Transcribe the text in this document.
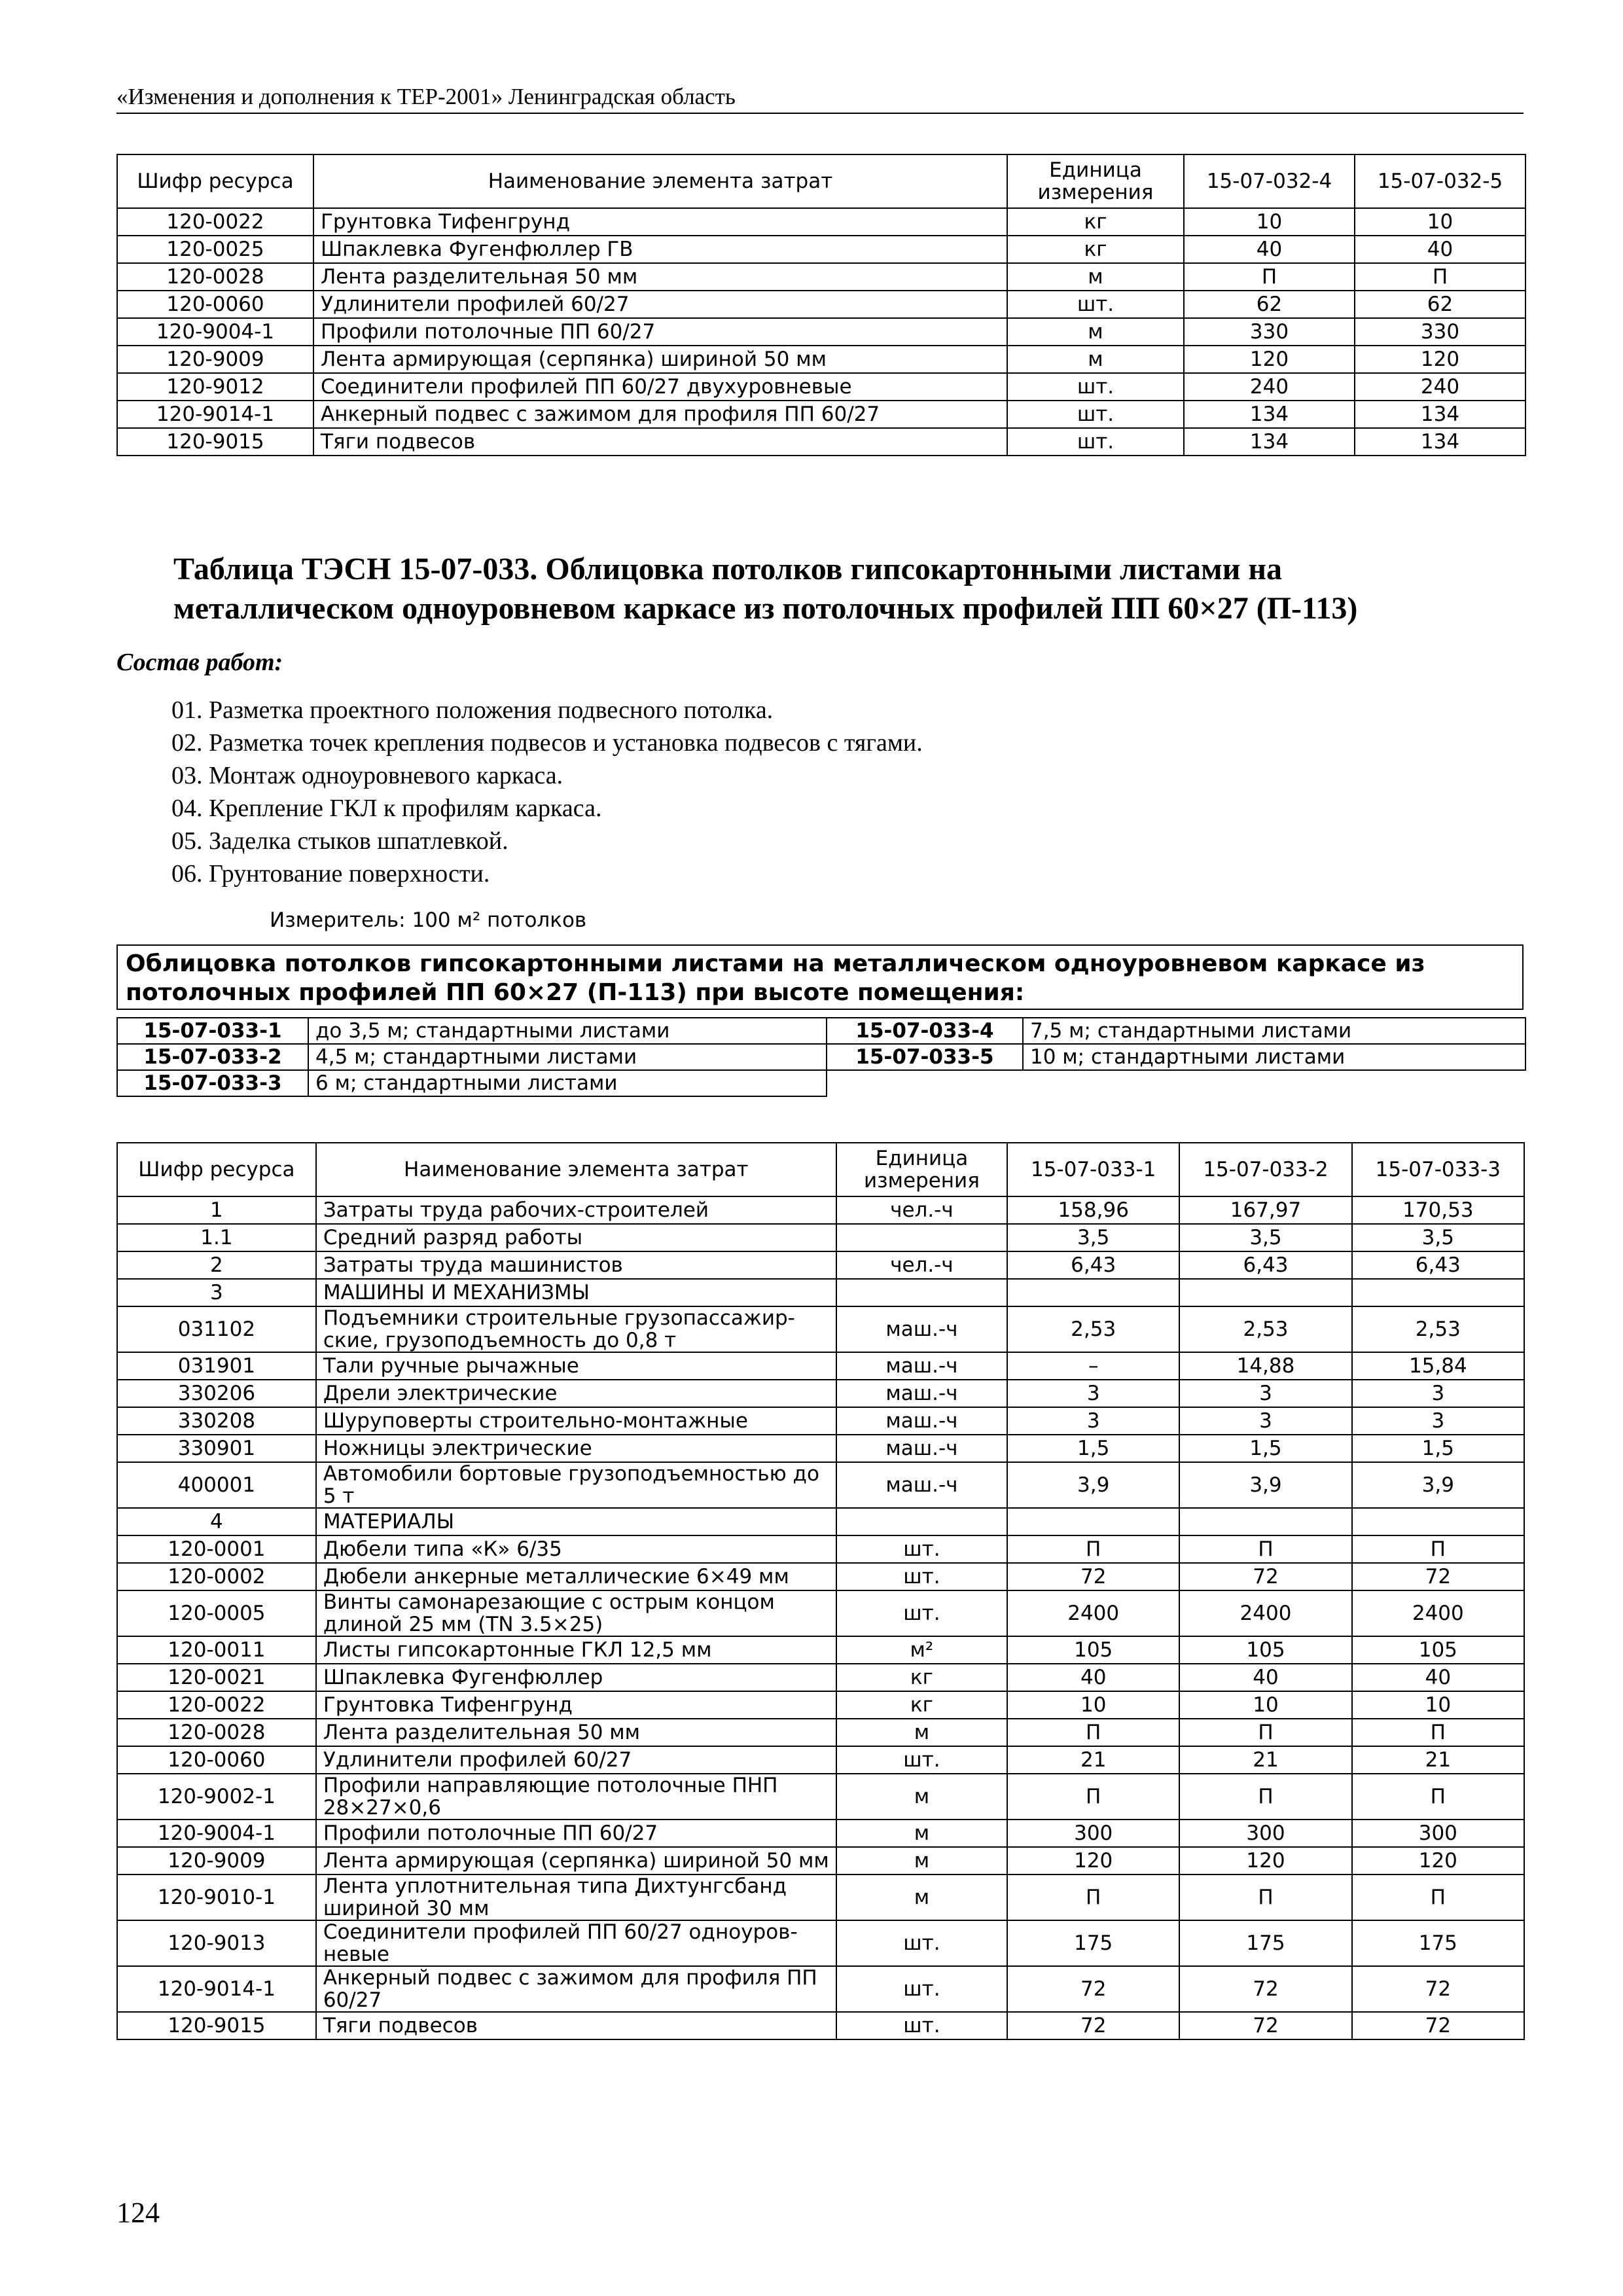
«Изменения и дополнения к ТЕР-2001» Ленинградская область
Шифр ресурса	Наименование элемента затрат	Единица измерения	15-07-032-4	15-07-032-5
120-0022	Грунтовка Тифенгрунд	кг	10	10
120-0025	Шпаклевка Фугенфюллер ГВ	кг	40	40
120-0028	Лента разделительная 50 мм	м	П	П
120-0060	Удлинители профилей 60/27	шт.	62	62
120-9004-1	Профили потолочные ПП 60/27	м	330	330
120-9009	Лента армирующая (серпянка) шириной 50 мм	м	120	120
120-9012	Соединители профилей ПП 60/27 двухуровневые	шт.	240	240
120-9014-1	Анкерный подвес с зажимом для профиля ПП 60/27	шт.	134	134
120-9015	Тяги подвесов	шт.	134	134
Таблица ТЭСН 15-07-033. Облицовка потолков гипсокартонными листами на металлическом одноуровневом каркасе из потолочных профилей ПП 60×27 (П-113)
Состав работ:
01. Разметка проектного положения подвесного потолка.
02. Разметка точек крепления подвесов и установка подвесов с тягами.
03. Монтаж одноуровневого каркаса.
04. Крепление ГКЛ к профилям каркаса.
05. Заделка стыков шпатлевкой.
06. Грунтование поверхности.
Измеритель: 100 м² потолков
Облицовка потолков гипсокартонными листами на металлическом одноуровневом каркасе из потолочных профилей ПП 60×27 (П-113) при высоте помещения:
15-07-033-1	до 3,5 м; стандартными листами	15-07-033-4	7,5 м; стандартными листами
15-07-033-2	4,5 м; стандартными листами	15-07-033-5	10 м; стандартными листами
15-07-033-3	6 м; стандартными листами		
Шифр ресурса	Наименование элемента затрат	Единица измерения	15-07-033-1	15-07-033-2	15-07-033-3
1	Затраты труда рабочих-строителей	чел.-ч	158,96	167,97	170,53
1.1	Средний разряд работы		3,5	3,5	3,5
2	Затраты труда машинистов	чел.-ч	6,43	6,43	6,43
3	МАШИНЫ И МЕХАНИЗМЫ				
031102	Подъемники строительные грузопассажир-ские, грузоподъемность до 0,8 т	маш.-ч	2,53	2,53	2,53
031901	Тали ручные рычажные	маш.-ч	–	14,88	15,84
330206	Дрели электрические	маш.-ч	3	3	3
330208	Шуруповерты строительно-монтажные	маш.-ч	3	3	3
330901	Ножницы электрические	маш.-ч	1,5	1,5	1,5
400001	Автомобили бортовые грузоподъемностью до 5 т	маш.-ч	3,9	3,9	3,9
4	МАТЕРИАЛЫ				
120-0001	Дюбели типа «К» 6/35	шт.	П	П	П
120-0002	Дюбели анкерные металлические 6×49 мм	шт.	72	72	72
120-0005	Винты самонарезающие с острым концом длиной 25 мм (TN 3.5×25)	шт.	2400	2400	2400
120-0011	Листы гипсокартонные ГКЛ 12,5 мм	м²	105	105	105
120-0021	Шпаклевка Фугенфюллер	кг	40	40	40
120-0022	Грунтовка Тифенгрунд	кг	10	10	10
120-0028	Лента разделительная 50 мм	м	П	П	П
120-0060	Удлинители профилей 60/27	шт.	21	21	21
120-9002-1	Профили направляющие потолочные ПНП 28×27×0,6	м	П	П	П
120-9004-1	Профили потолочные ПП 60/27	м	300	300	300
120-9009	Лента армирующая (серпянка) шириной 50 мм	м	120	120	120
120-9010-1	Лента уплотнительная типа Дихтунгсбанд шириной 30 мм	м	П	П	П
120-9013	Соединители профилей ПП 60/27 одноуров-невые	шт.	175	175	175
120-9014-1	Анкерный подвес с зажимом для профиля ПП 60/27	шт.	72	72	72
120-9015	Тяги подвесов	шт.	72	72	72
124
